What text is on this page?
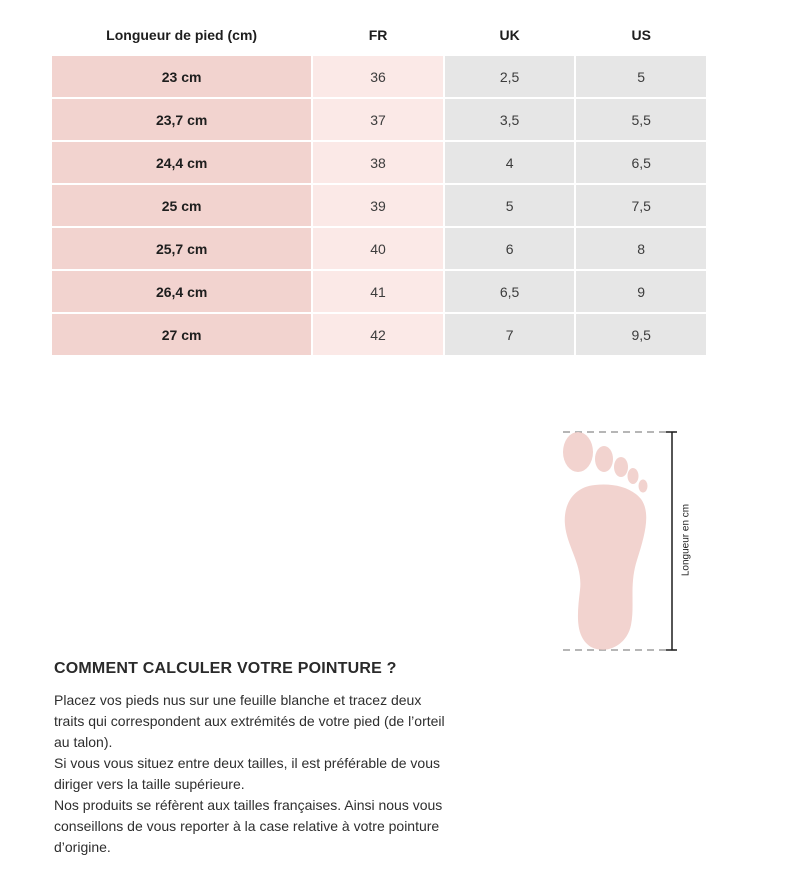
Longueur de pied (cm)	FR	UK	US
23 cm	36	2,5	5
23,7 cm	37	3,5	5,5
24,4 cm	38	4	6,5
25 cm	39	5	7,5
25,7 cm	40	6	8
26,4 cm	41	6,5	9
27 cm	42	7	9,5
Longueur en cm
COMMENT CALCULER VOTRE POINTURE ?

Placez vos pieds nus sur une feuille blanche et tracez deux traits qui correspondent aux extrémités de votre pied (de l’orteil au talon).

Si vous vous situez entre deux tailles, il est préférable de vous diriger vers la taille supérieure.

Nos produits se réfèrent aux tailles françaises. Ainsi nous vous conseillons de vous reporter à la case relative à votre pointure d’origine.
